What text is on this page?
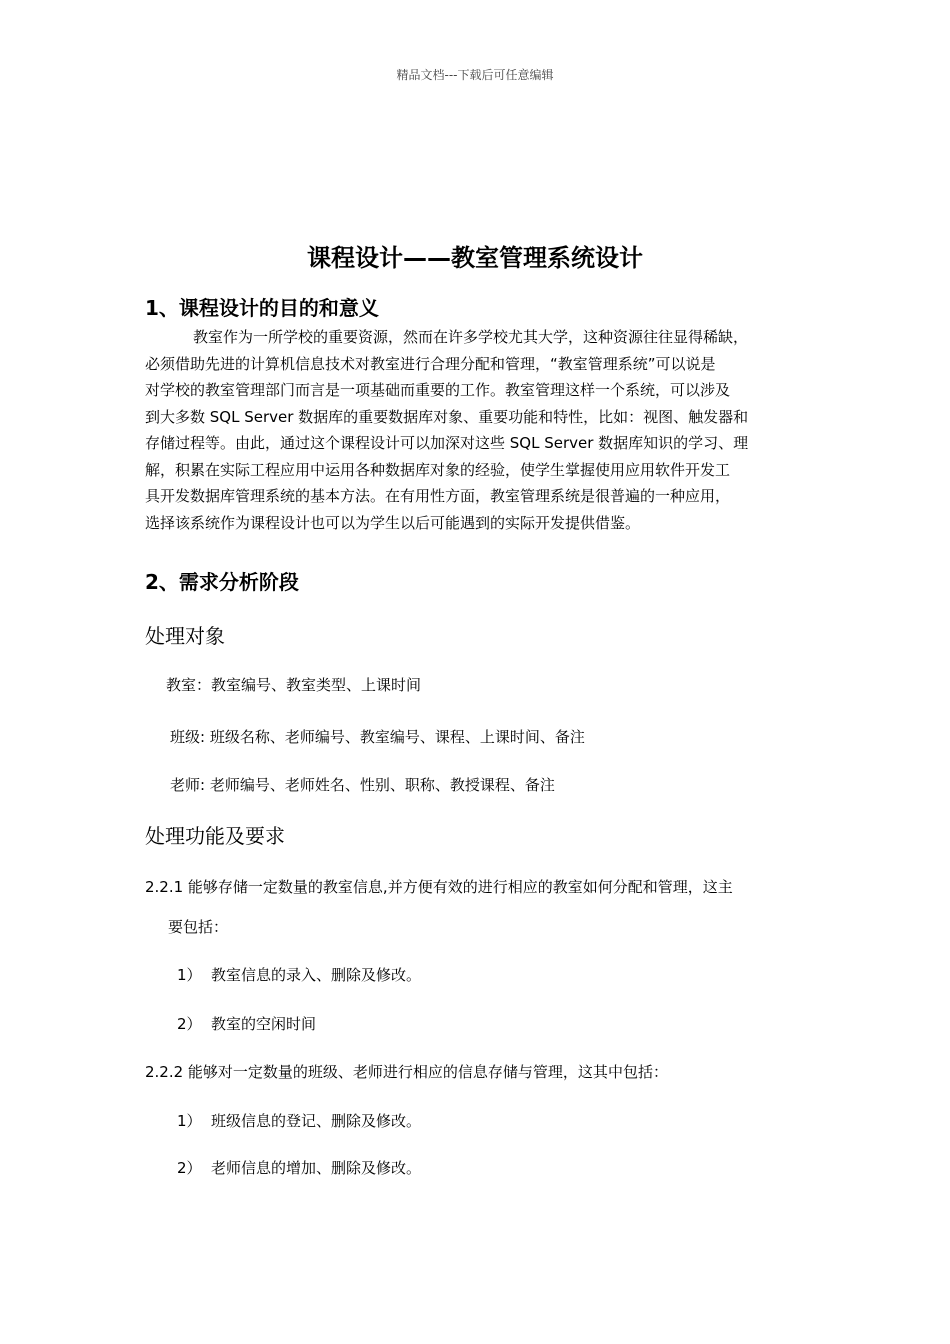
精品文档---下载后可任意编辑

课程设计——教室管理系统设计
1、课程设计的目的和意义
教室作为一所学校的重要资源，然而在许多学校尤其大学，这种资源往往显得稀缺，
必须借助先进的计算机信息技术对教室进行合理分配和管理，“教室管理系统”可以说是
对学校的教室管理部门而言是一项基础而重要的工作。教室管理这样一个系统，可以涉及
到大多数 SQL Server 数据库的重要数据库对象、重要功能和特性，比如：视图、触发器和
存储过程等。由此，通过这个课程设计可以加深对这些 SQL Server 数据库知识的学习、理
解，积累在实际工程应用中运用各种数据库对象的经验，使学生掌握使用应用软件开发工
具开发数据库管理系统的基本方法。在有用性方面，教室管理系统是很普遍的一种应用，
选择该系统作为课程设计也可以为学生以后可能遇到的实际开发提供借鉴。
2、需求分析阶段
处理对象

教室：教室编号、教室类型、上课时间

班级: 班级名称、老师编号、教室编号、课程、上课时间、备注

老师: 老师编号、老师姓名、性别、职称、教授课程、备注

处理功能及要求

2.2.1 能够存储一定数量的教室信息,并方便有效的进行相应的教室如何分配和管理，这主

要包括：

1） 教室信息的录入、删除及修改。

2） 教室的空闲时间

2.2.2 能够对一定数量的班级、老师进行相应的信息存储与管理，这其中包括：

1） 班级信息的登记、删除及修改。

2） 老师信息的增加、删除及修改。
